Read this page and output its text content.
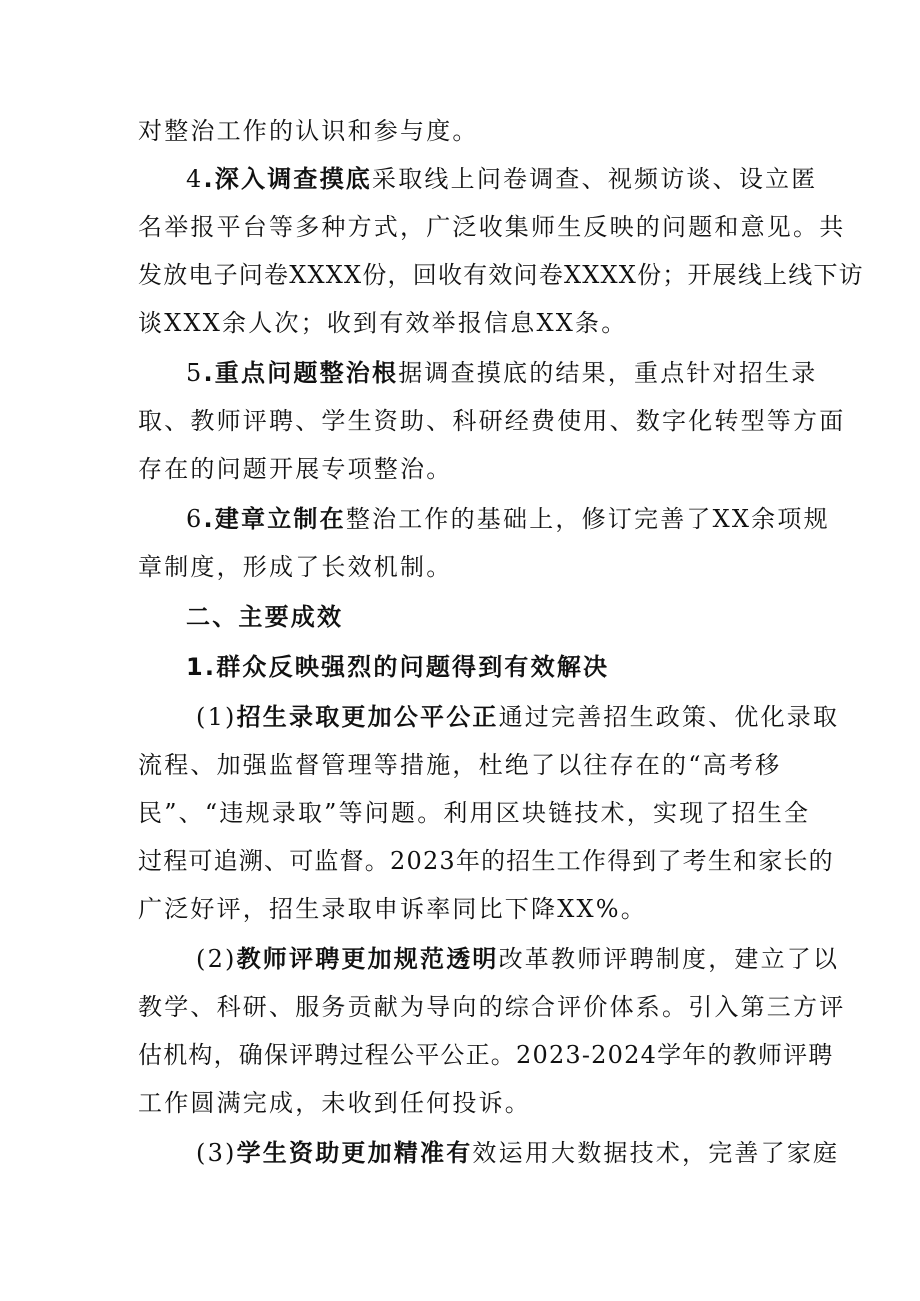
对整治工作的认识和参与度。
4.深入调查摸底采取线上问卷调查、视频访谈、设立匿
名举报平台等多种方式，广泛收集师生反映的问题和意见。共
发放电子问卷XXXX份，回收有效问卷XXXX份；开展线上线下访
谈XXX余人次；收到有效举报信息XX条。
5.重点问题整治根据调查摸底的结果，重点针对招生录
取、教师评聘、学生资助、科研经费使用、数字化转型等方面
存在的问题开展专项整治。
6.建章立制在整治工作的基础上，修订完善了XX余项规
章制度，形成了长效机制。
二、主要成效
1.群众反映强烈的问题得到有效解决
(1)招生录取更加公平公正通过完善招生政策、优化录取
流程、加强监督管理等措施，杜绝了以往存在的“高考移
民”、“违规录取”等问题。利用区块链技术，实现了招生全
过程可追溯、可监督。2023年的招生工作得到了考生和家长的
广泛好评，招生录取申诉率同比下降XX%。
(2)教师评聘更加规范透明改革教师评聘制度，建立了以
教学、科研、服务贡献为导向的综合评价体系。引入第三方评
估机构，确保评聘过程公平公正。2023-2024学年的教师评聘
工作圆满完成，未收到任何投诉。
(3)学生资助更加精准有效运用大数据技术，完善了家庭
